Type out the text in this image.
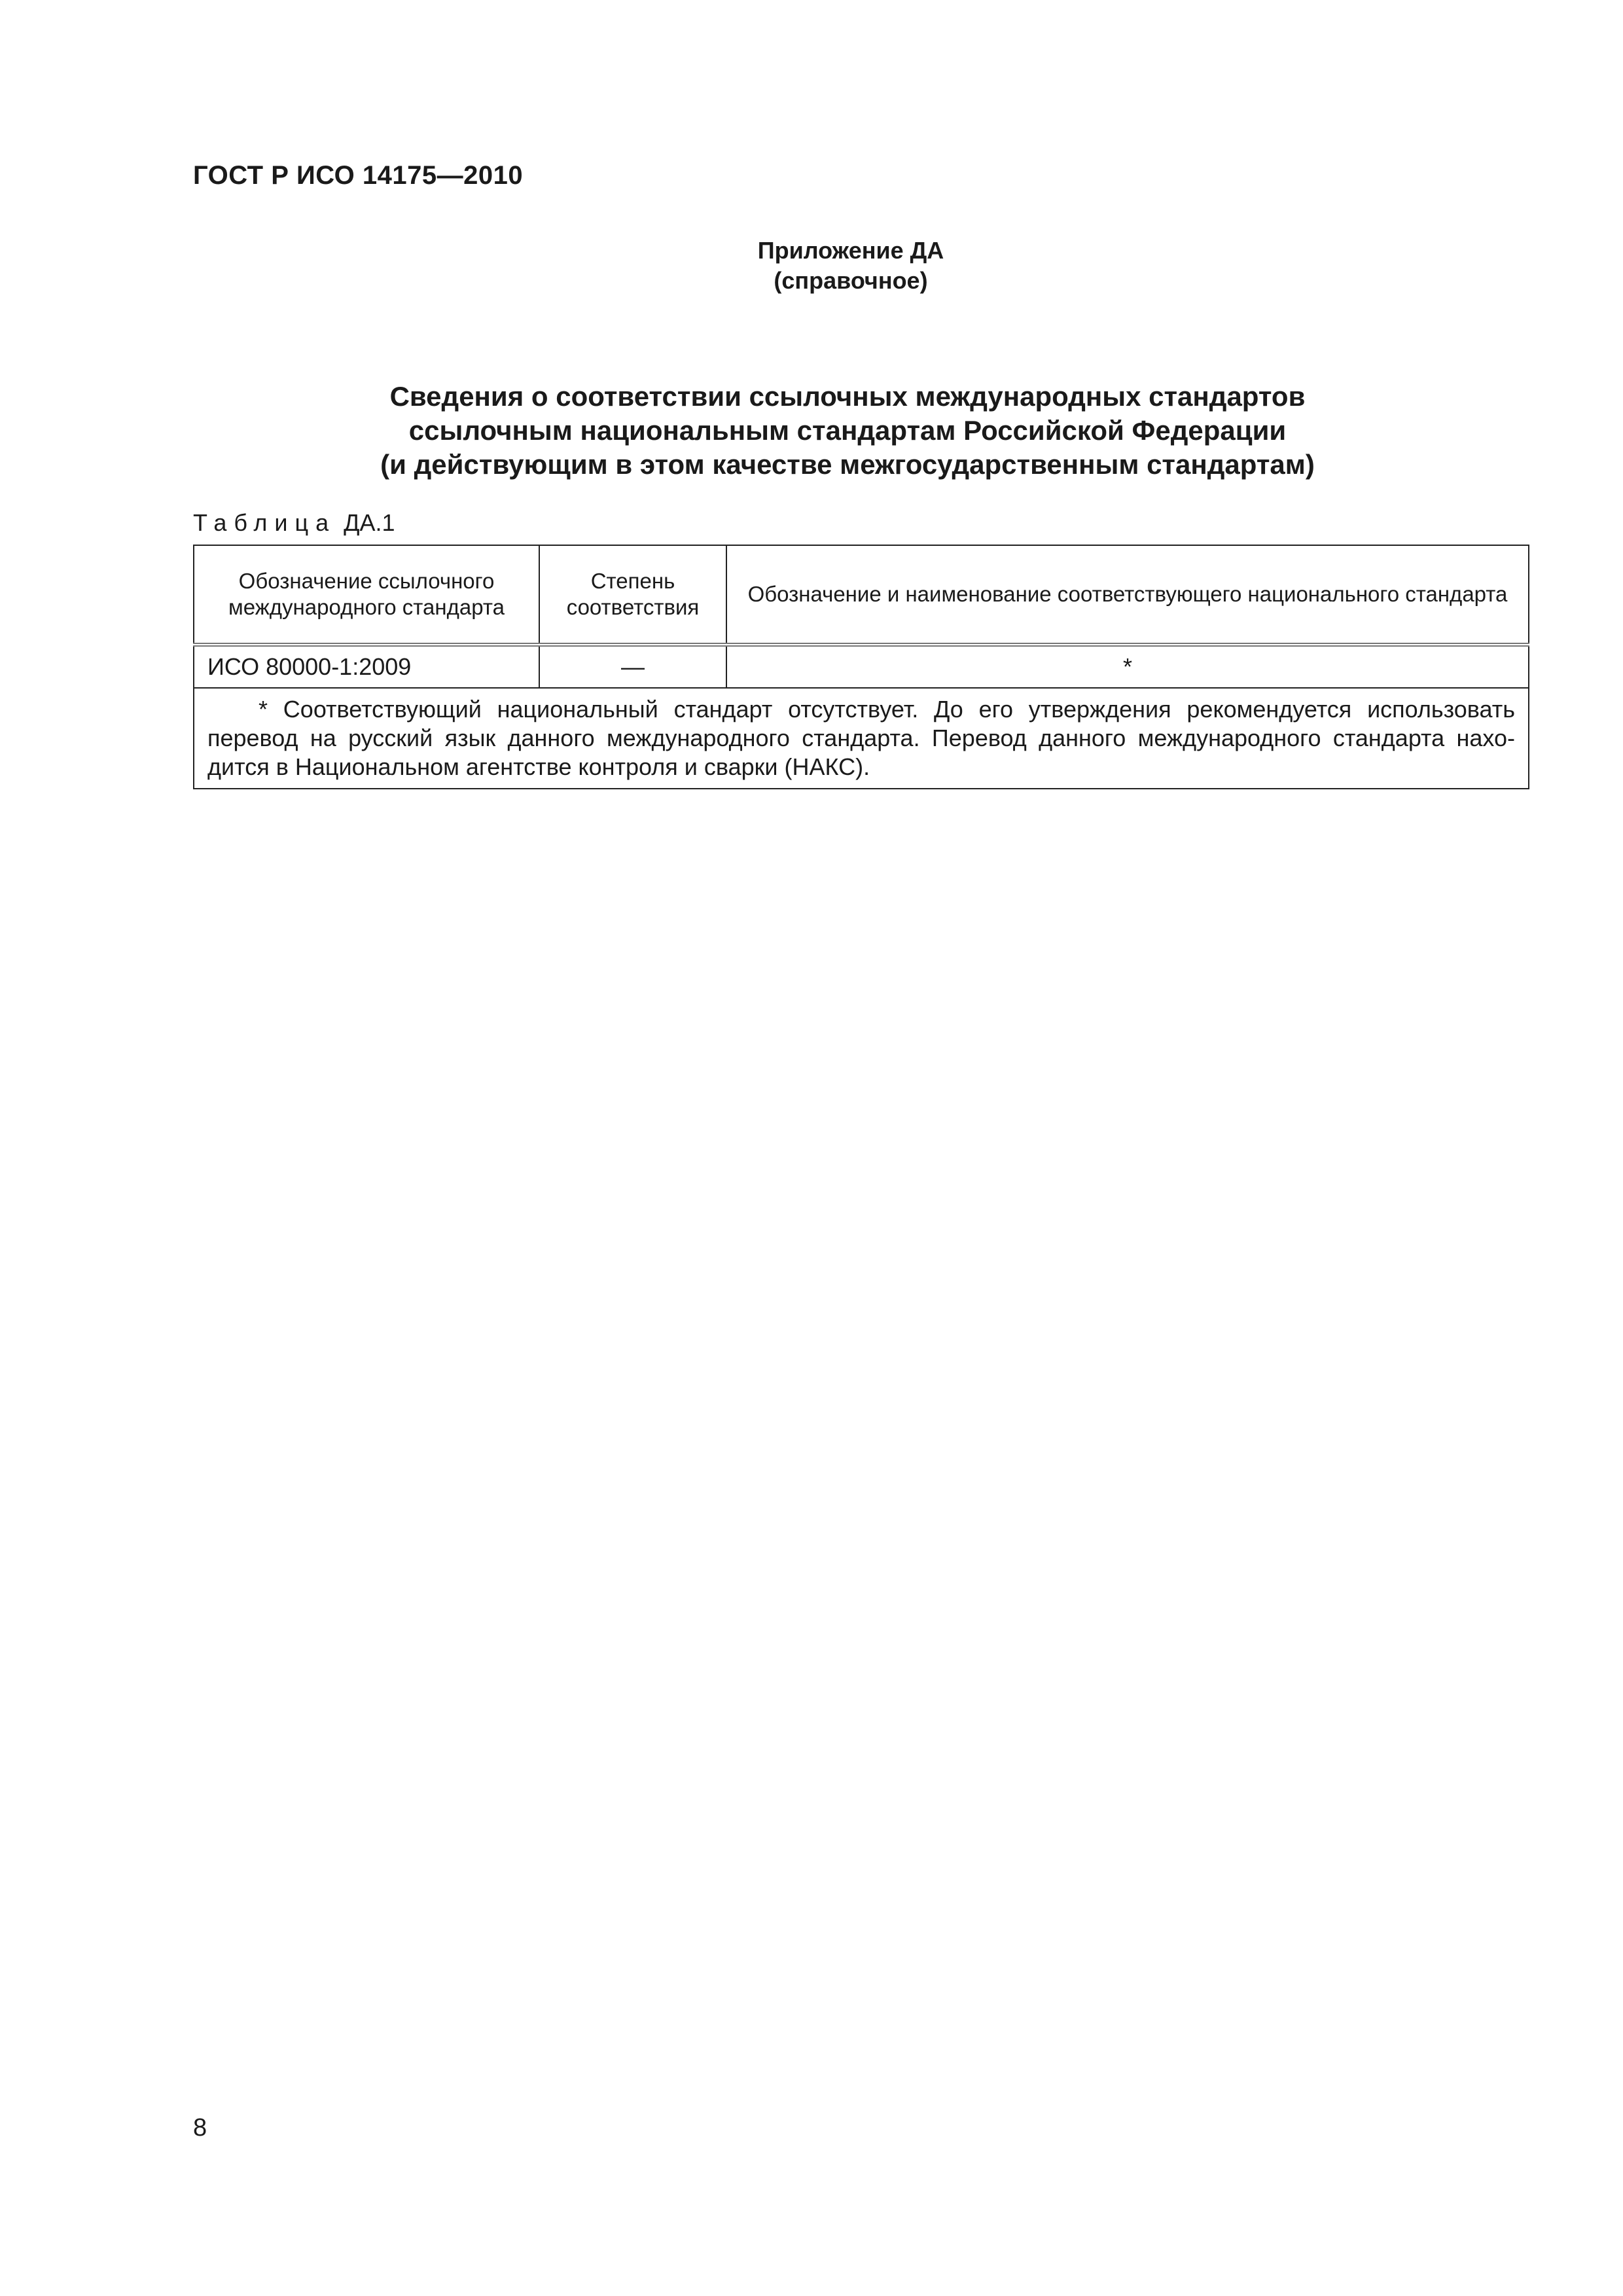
ГОСТ Р ИСО 14175—2010
Приложение ДА
(справочное)
Сведения о соответствии ссылочных международных стандартов
ссылочным национальным стандартам Российской Федерации
(и действующим в этом качестве межгосударственным стандартам)
Таблица ДА.1
Обозначение ссылочного международного стандарта	Степень соответствия	Обозначение и наименование соответствующего национального стандарта
ИСО 80000-1:2009	—	*
* Соответствующий национальный стандарт отсутствует. До его утверждения рекомендуется использовать перевод на русский язык данного международного стандарта. Перевод данного международного стандарта нахо-дится в Национальном агентстве контроля и сварки (НАКС).		
8
